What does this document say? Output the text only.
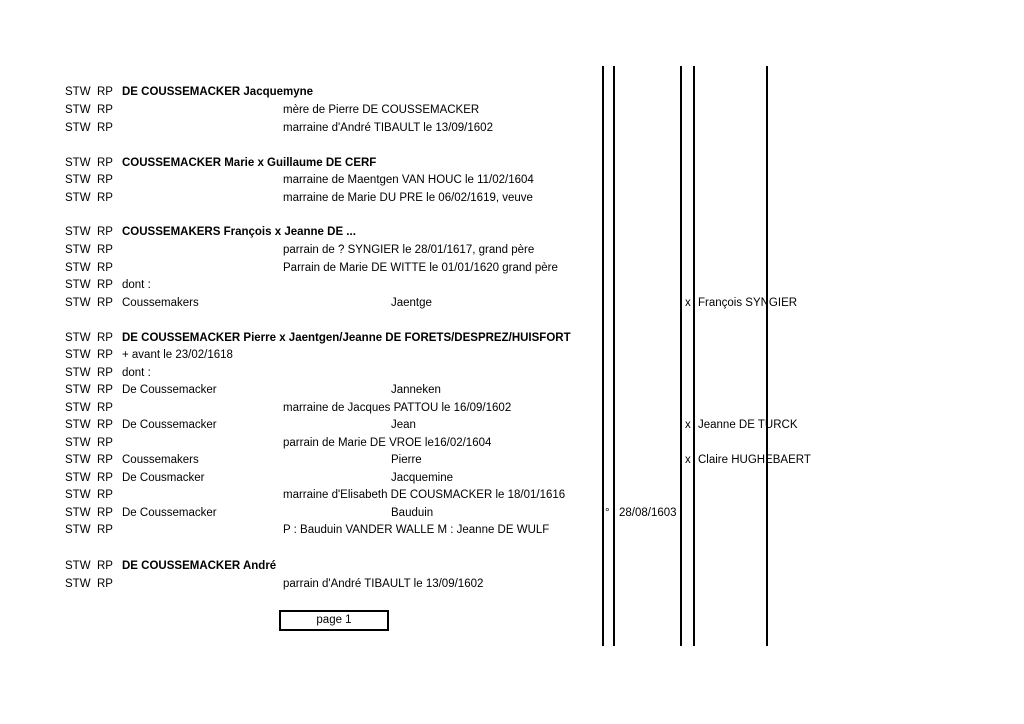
STW RP DE COUSSEMACKER Jacquemyne
STW RP	mère de Pierre DE COUSSEMACKER
STW RP	marraine d'André TIBAULT le 13/09/1602
STW RP COUSSEMACKER Marie x Guillaume DE CERF
STW RP	marraine de Maentgen VAN HOUC le 11/02/1604
STW RP	marraine de Marie DU PRE le 06/02/1619, veuve
STW RP COUSSEMAKERS François x Jeanne DE ...
STW RP	parrain de ? SYNGIER le 28/01/1617, grand père
STW RP	Parrain de Marie DE WITTE le 01/01/1620 grand père
STW RP dont :
STW RP Coussemakers	Jaentge	x François SYNGIER
STW RP DE COUSSEMACKER Pierre x Jaentgen/Jeanne DE FORETS/DESPREZ/HUISFORT
STW RP + avant le 23/02/1618
STW RP dont :
STW RP De Coussemacker	Janneken
STW RP	marraine de Jacques PATTOU le 16/09/1602
STW RP De Coussemacker	Jean	x Jeanne DE TURCK
STW RP	parrain de Marie DE VROE le16/02/1604
STW RP Coussemakers	Pierre	x Claire HUGHEBAERT
STW RP De Cousmacker	Jacquemine
STW RP	marraine d'Elisabeth DE COUSMACKER le 18/01/1616
STW RP De Coussemacker	Bauduin	° 28/08/1603
STW RP	P : Bauduin VANDER WALLE M : Jeanne DE WULF
STW RP DE COUSSEMACKER André
STW RP	parrain d'André TIBAULT le 13/09/1602
page 1
